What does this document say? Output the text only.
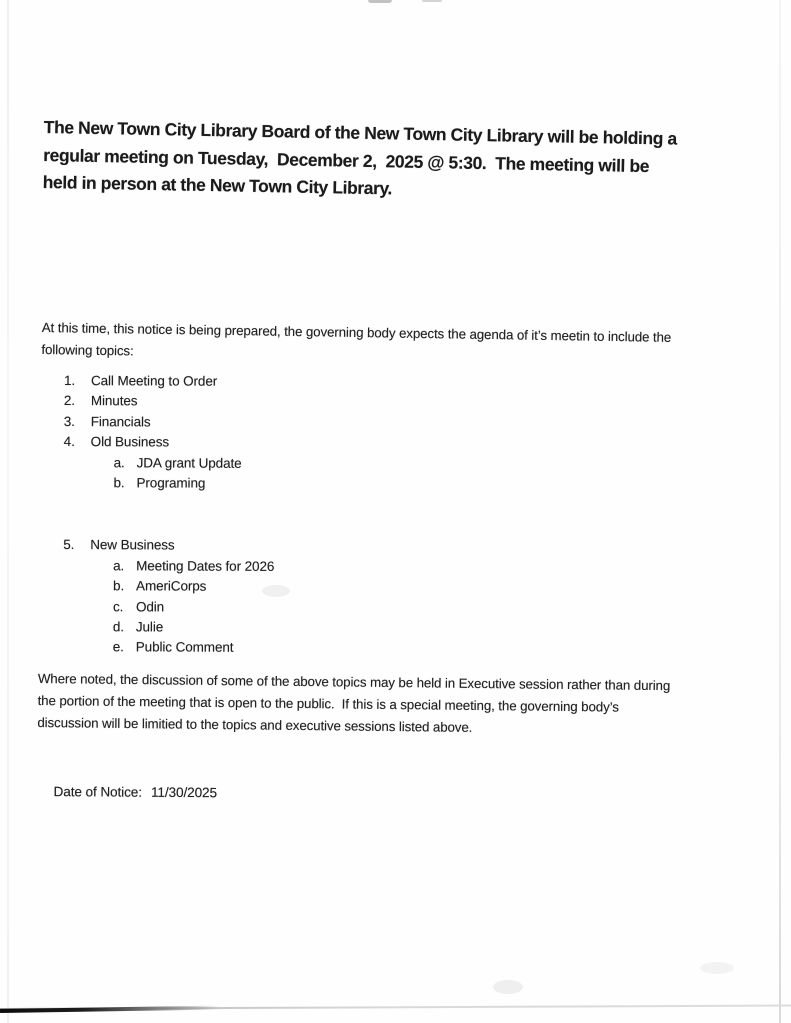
The New Town City Library Board of the New Town City Library will be holding a

regular meeting on Tuesday,  December 2,  2025 @ 5:30.  The meeting will be

held in person at the New Town City Library.

At this time, this notice is being prepared, the governing body expects the agenda of it’s meetin to include the

following topics:

1.	Call Meeting to Order
2.	Minutes
3.	Financials
4.	Old Business
a. JDA grant Update
b. Programing
5.	New Business
a. Meeting Dates for 2026
b. AmeriCorps
c. Odin
d. Julie
e. Public Comment

Where noted, the discussion of some of the above topics may be held in Executive session rather than during

the portion of the meeting that is open to the public.  If this is a special meeting, the governing body’s

discussion will be limitied to the topics and executive sessions listed above.

Date of Notice: 11/30/2025
